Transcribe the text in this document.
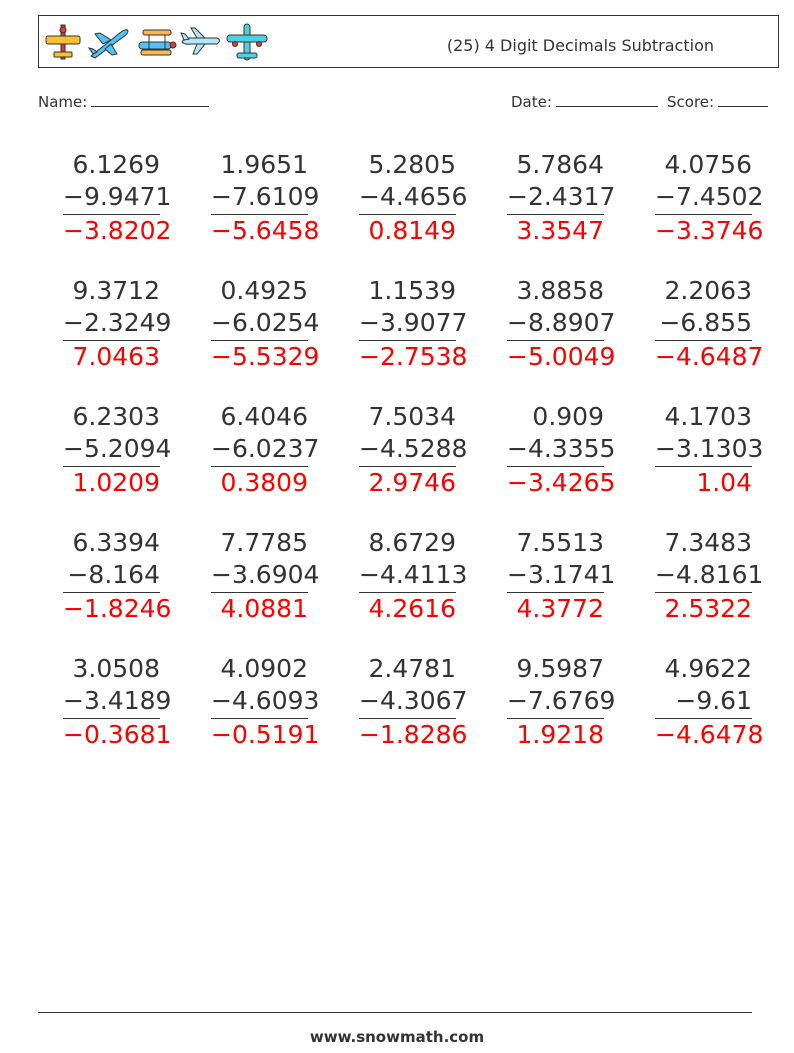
(25) 4 Digit Decimals Subtraction
Name:	Date:	Score:
6.1269
−9.9471
−3.8202
1.9651
−7.6109
−5.6458
5.2805
−4.4656
0.8149
5.7864
−2.4317
3.3547
4.0756
−7.4502
−3.3746
9.3712
−2.3249
7.0463
0.4925
−6.0254
−5.5329
1.1539
−3.9077
−2.7538
3.8858
−8.8907
−5.0049
2.2063
−6.855
−4.6487
6.2303
−5.2094
1.0209
6.4046
−6.0237
0.3809
7.5034
−4.5288
2.9746
0.909
−4.3355
−3.4265
4.1703
−3.1303
1.04
6.3394
−8.164
−1.8246
7.7785
−3.6904
4.0881
8.6729
−4.4113
4.2616
7.5513
−3.1741
4.3772
7.3483
−4.8161
2.5322
3.0508
−3.4189
−0.3681
4.0902
−4.6093
−0.5191
2.4781
−4.3067
−1.8286
9.5987
−7.6769
1.9218
4.9622
−9.61
−4.6478
www.snowmath.com
